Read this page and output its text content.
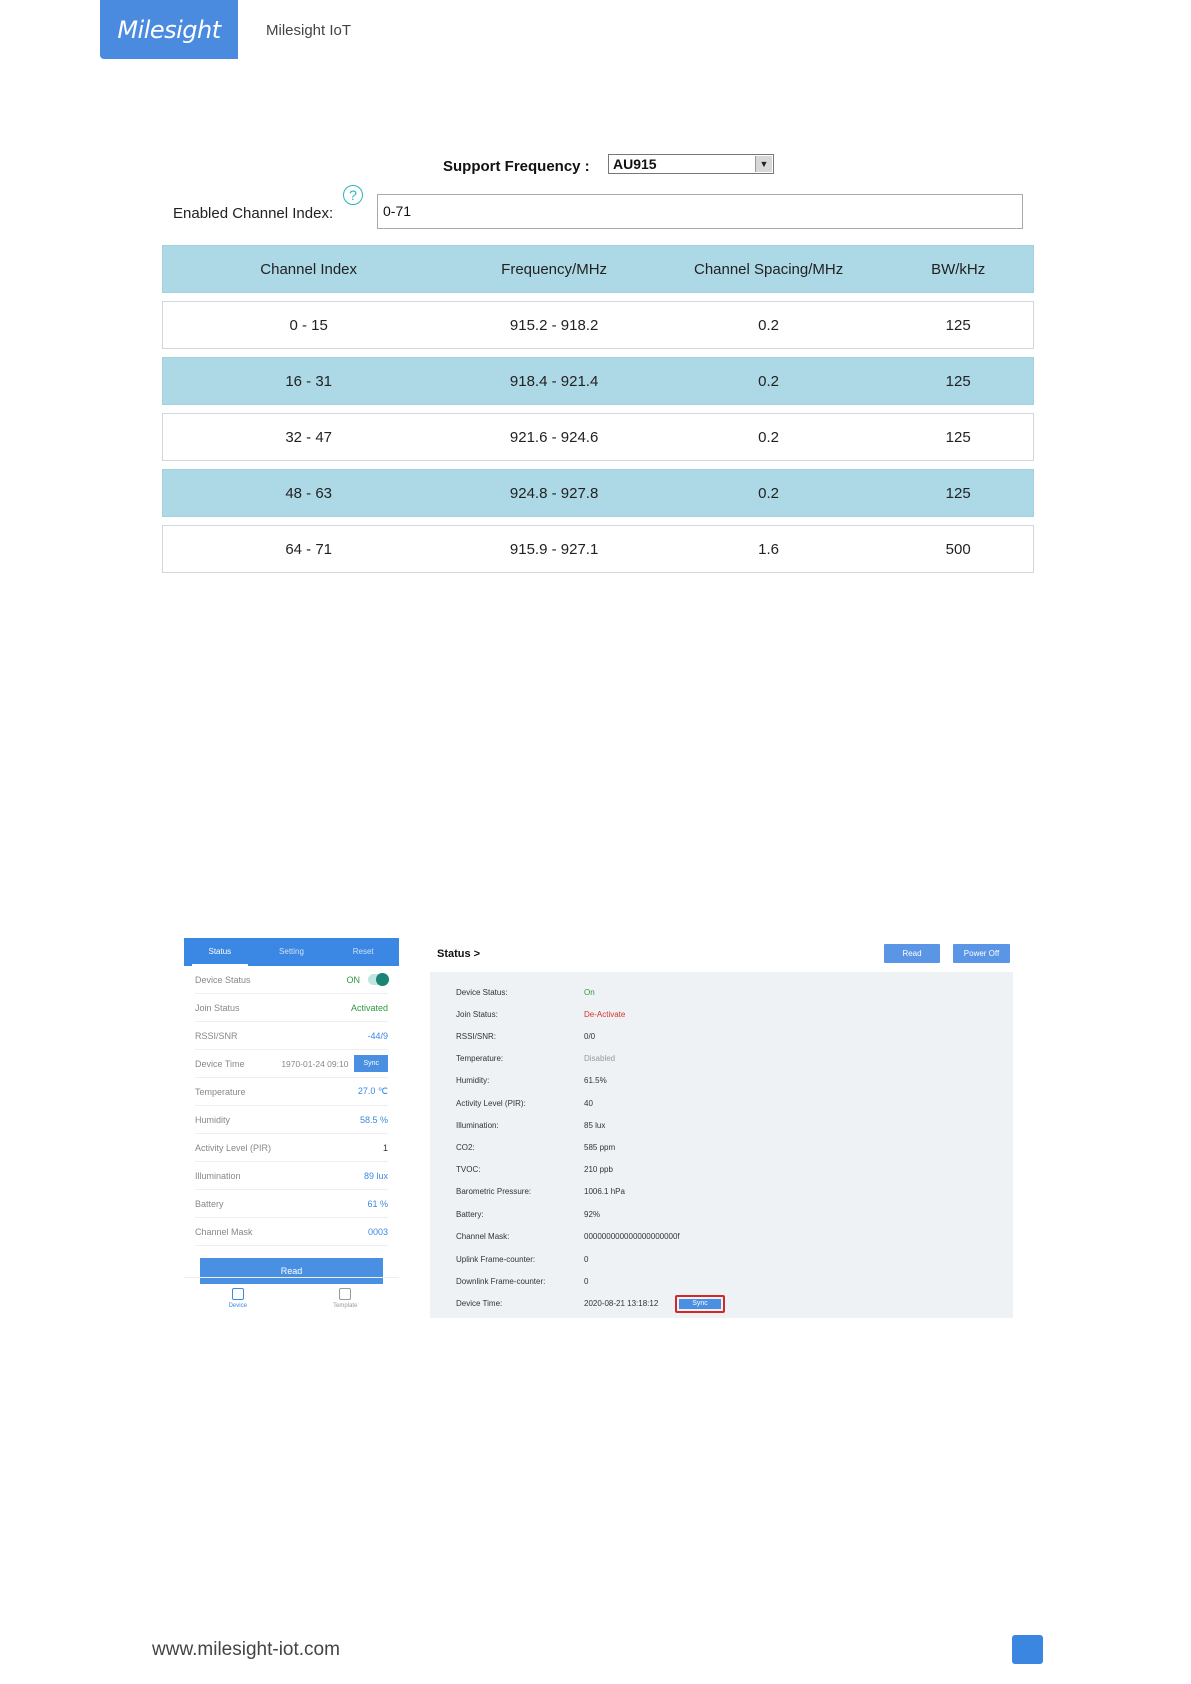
Milesight	Milesight IoT
Support Frequency : AU915	▼
Enabled Channel Index:
?
0-71
Channel Index	Frequency/MHz	Channel Spacing/MHz	BW/kHz
0 - 15	915.2 - 918.2	0.2	125
16 - 31	918.4 - 921.4	0.2	125
32 - 47	921.6 - 924.6	0.2	125
48 - 63	924.8 - 927.8	0.2	125
64 - 71	915.9 - 927.1	1.6	500
Status	Setting	Reset
Device Status	ON
Join Status	Activated
RSSI/SNR	-44/9
Device Time	1970-01-24 09:10	Sync
Temperature	27.0 ℃
Humidity	58.5 %
Activity Level (PIR)	1
Illumination	89 lux
Battery	61 %
Channel Mask	0003
Read
Device	Template
Status >	Read	Power Off
Device Status:	On
Join Status:	De-Activate
RSSI/SNR:	0/0
Temperature:	Disabled
Humidity:	61.5%
Activity Level (PIR):	40
Illumination:	85 lux
CO2:	585 ppm
TVOC:	210 ppb
Barometric Pressure:	1006.1 hPa
Battery:	92%
Channel Mask:	000000000000000000000f
Uplink Frame-counter:	0
Downlink Frame-counter:	0
Device Time:	2020-08-21 13:18:12	Sync
www.milesight-iot.com
